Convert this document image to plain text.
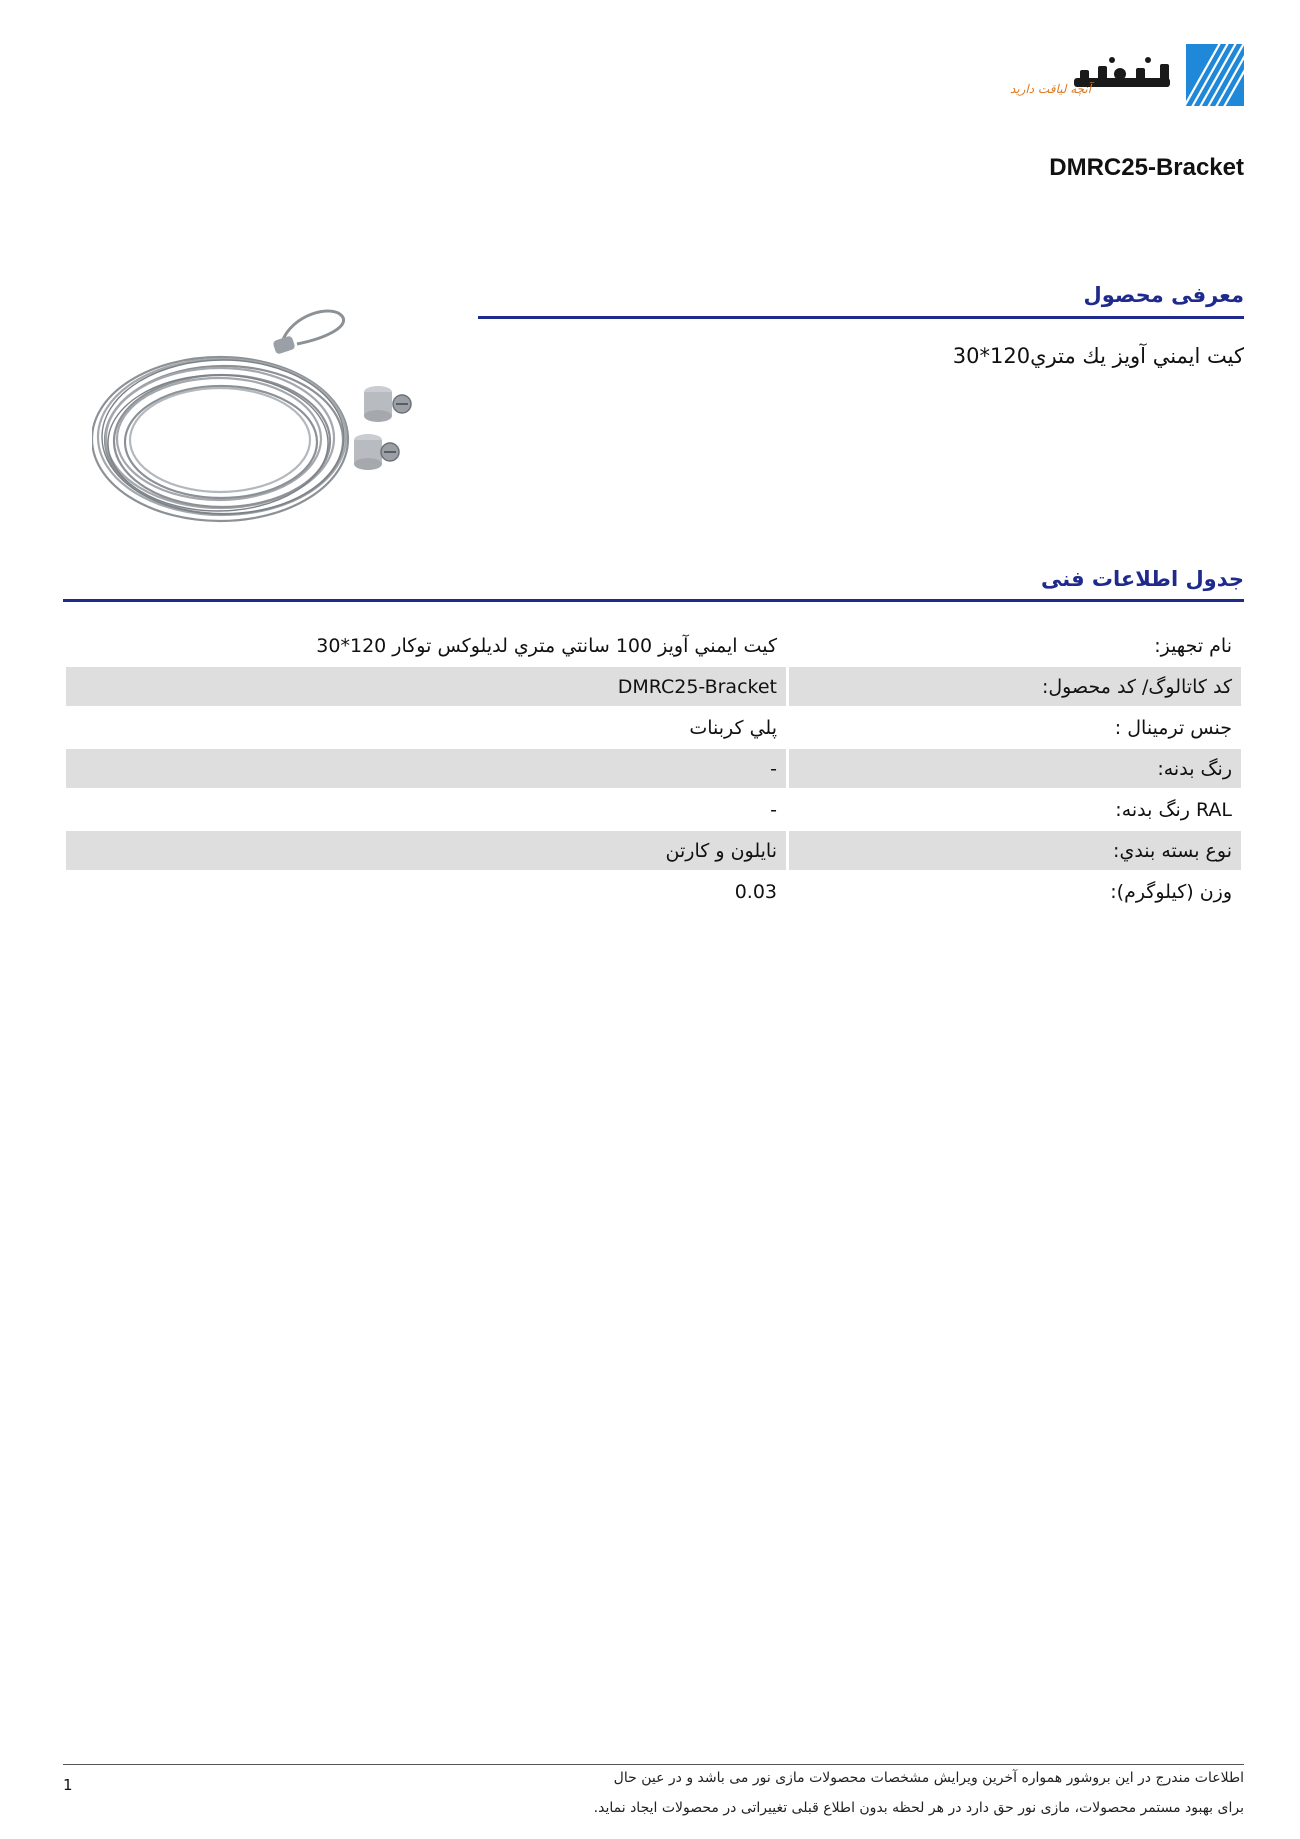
آنچه لیاقت دارید
DMRC25-Bracket
معرفی محصول
کیت ایمني آویز یك متري120*30
جدول اطلاعات فنی
نام تجهیز:	کیت ایمني آویز 100 سانتي متري لدیلوکس توکار 120*30
کد کاتالوگ/ کد محصول:	DMRC25-Bracket
جنس ترمینال :	پلي کربنات
رنگ بدنه:	-
RAL رنگ بدنه:	-
نوع بسته بندي:	نایلون و کارتن
وزن (کیلوگرم):	0.03
1	اطلاعات مندرج در این بروشور همواره آخرین ویرایش مشخصات محصولات مازی نور می باشد و در عین حال
برای بهبود مستمر محصولات، مازی نور حق دارد در هر لحظه بدون اطلاع قبلی تغییراتی در محصولات ایجاد نماید.
